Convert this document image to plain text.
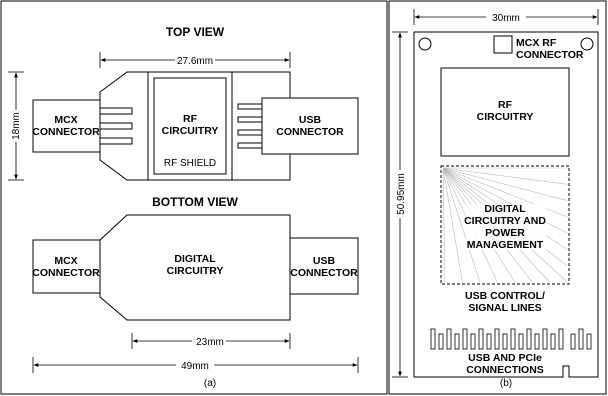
TOP VIEW
27.6mm
18mm	RF
CIRCUITRY
RF SHIELD
MCX
CONNECTOR
USB
CONNECTOR
BOTTOM VIEW
DIGITAL
CIRCUITRY
MCX
CONNECTOR
USB
CONNECTOR
23mm
49mm
(a)
30mm
50.95mm
MCX RF
CONNECTOR
RF
CIRCUITRY
DIGITAL
CIRCUITRY AND
POWER
MANAGEMENT
USB CONTROL/
SIGNAL LINES
USB AND PCIe
CONNECTIONS
(b)
